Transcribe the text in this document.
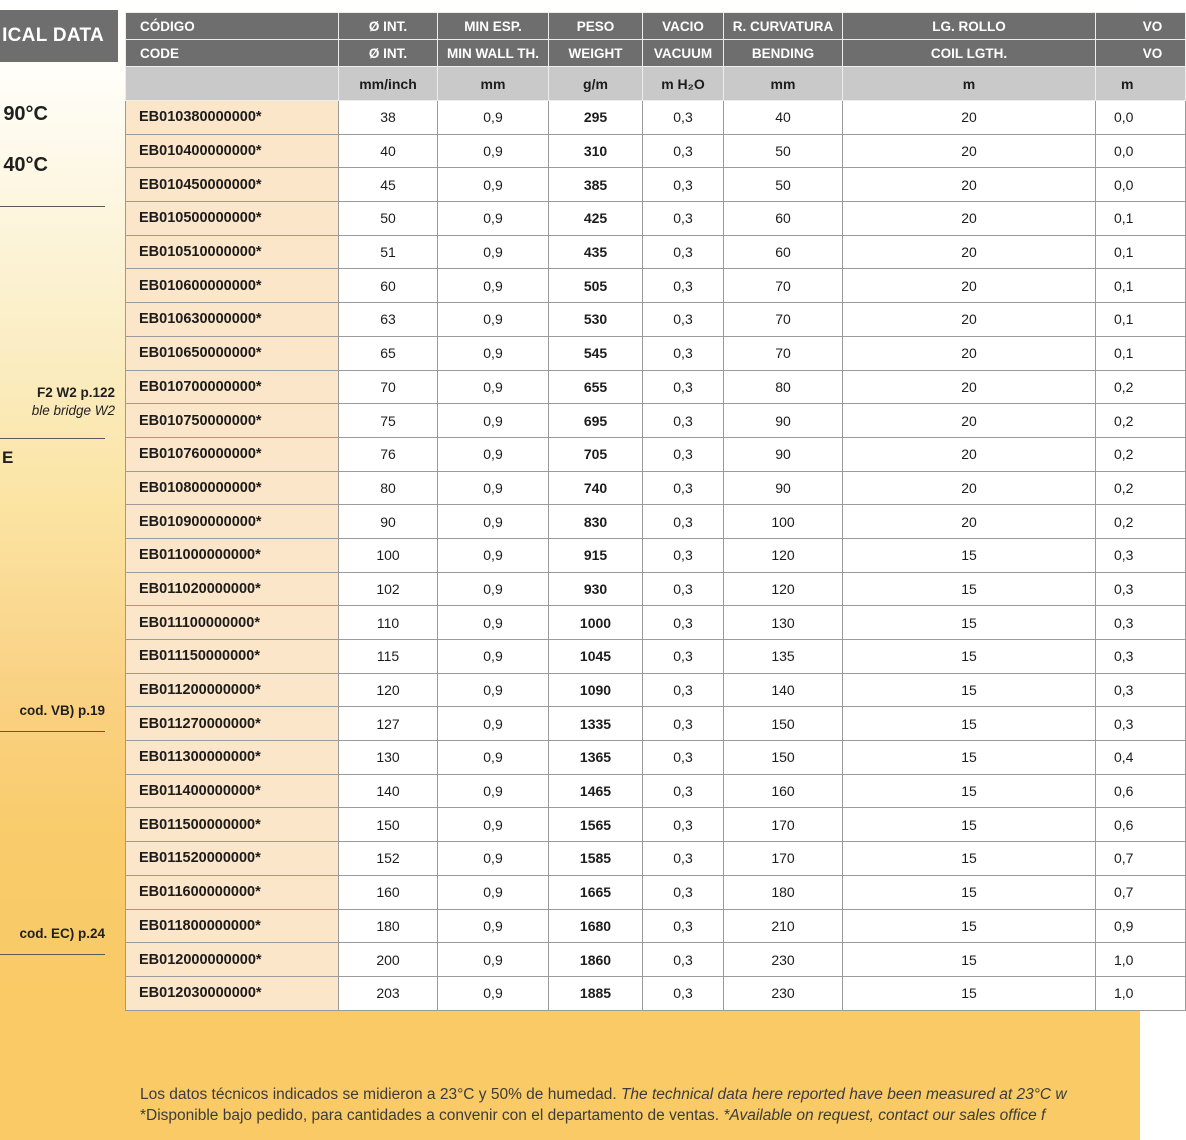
ICAL DATA
90°C
40°C
F2 W2 p.122
ble bridge W2
E
cod. VB) p.19
cod. EC) p.24
CÓDIGO	Ø INT.	MIN ESP.	PESO	VACIO	R. CURVATURA	LG. ROLLO	VO
CODE	Ø INT.	MIN WALL TH.	WEIGHT	VACUUM	BENDING	COIL LGTH.	VO
	mm/inch	mm	g/m	m H₂O	mm	m	m
EB010380000000*	38	0,9	295	0,3	40	20	0,0
EB010400000000*	40	0,9	310	0,3	50	20	0,0
EB010450000000*	45	0,9	385	0,3	50	20	0,0
EB010500000000*	50	0,9	425	0,3	60	20	0,1
EB010510000000*	51	0,9	435	0,3	60	20	0,1
EB010600000000*	60	0,9	505	0,3	70	20	0,1
EB010630000000*	63	0,9	530	0,3	70	20	0,1
EB010650000000*	65	0,9	545	0,3	70	20	0,1
EB010700000000*	70	0,9	655	0,3	80	20	0,2
EB010750000000*	75	0,9	695	0,3	90	20	0,2
EB010760000000*	76	0,9	705	0,3	90	20	0,2
EB010800000000*	80	0,9	740	0,3	90	20	0,2
EB010900000000*	90	0,9	830	0,3	100	20	0,2
EB011000000000*	100	0,9	915	0,3	120	15	0,3
EB011020000000*	102	0,9	930	0,3	120	15	0,3
EB011100000000*	110	0,9	1000	0,3	130	15	0,3
EB011150000000*	115	0,9	1045	0,3	135	15	0,3
EB011200000000*	120	0,9	1090	0,3	140	15	0,3
EB011270000000*	127	0,9	1335	0,3	150	15	0,3
EB011300000000*	130	0,9	1365	0,3	150	15	0,4
EB011400000000*	140	0,9	1465	0,3	160	15	0,6
EB011500000000*	150	0,9	1565	0,3	170	15	0,6
EB011520000000*	152	0,9	1585	0,3	170	15	0,7
EB011600000000*	160	0,9	1665	0,3	180	15	0,7
EB011800000000*	180	0,9	1680	0,3	210	15	0,9
EB012000000000*	200	0,9	1860	0,3	230	15	1,0
EB012030000000*	203	0,9	1885	0,3	230	15	1,0
Los datos técnicos indicados se midieron a 23°C y 50% de humedad. The technical data here reported have been measured at 23°C w
*Disponible bajo pedido, para cantidades a convenir con el departamento de ventas. *Available on request, contact our sales office f
